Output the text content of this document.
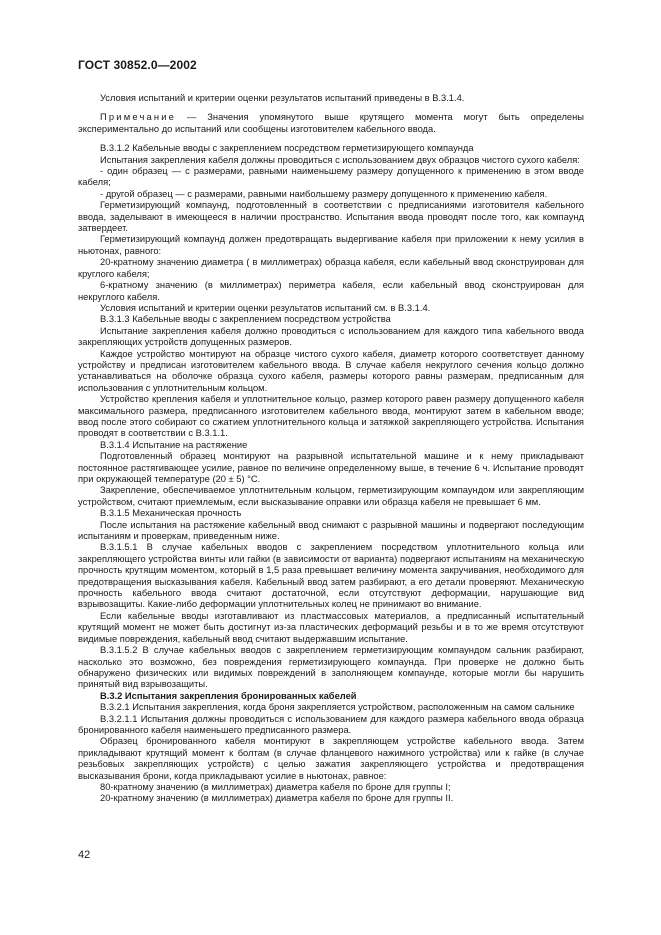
ГОСТ 30852.0—2002

Условия испытаний и критерии оценки результатов испытаний приведены в В.3.1.4.

Примечание — Значения упомянутого выше крутящего момента могут быть определены экспериментально до испытаний или сообщены изготовителем кабельного ввода.

В.3.1.2 Кабельные вводы с закреплением посредством герметизирующего компаунда

Испытания закрепления кабеля должны проводиться с использованием двух образцов чистого сухого кабеля:

- один образец — с размерами, равными наименьшему размеру допущенного к применению в этом вводе кабеля;

- другой образец — с размерами, равными наибольшему размеру допущенного к применению кабеля.

Герметизирующий компаунд, подготовленный в соответствии с предписаниями изготовителя кабельного ввода, заделывают в имеющееся в наличии пространство. Испытания ввода проводят после того, как компаунд затвердеет.

Герметизирующий компаунд должен предотвращать выдергивание кабеля при приложении к нему усилия в ньютонах, равного:

20-кратному значению диаметра ( в миллиметрах) образца кабеля, если кабельный ввод сконструирован для круглого кабеля;

6-кратному значению (в миллиметрах) периметра кабеля, если кабельный ввод сконструирован для некруглого кабеля.

Условия испытаний и критерии оценки результатов испытаний см. в В.3.1.4.

В.3.1.3 Кабельные вводы с закреплением посредством устройства

Испытание закрепления кабеля должно проводиться с использованием для каждого типа кабельного ввода закрепляющих устройств допущенных размеров.

Каждое устройство монтируют на образце чистого сухого кабеля, диаметр которого соответствует данному устройству и предписан изготовителем кабельного ввода. В случае кабеля некруглого сечения кольцо должно устанавливаться на оболочке образца сухого кабеля, размеры которого равны размерам, предписанным для использования с уплотнительным кольцом.

Устройство крепления кабеля и уплотнительное кольцо, размер которого равен размеру допущенного кабеля максимального размера, предписанного изготовителем кабельного ввода, монтируют затем в кабельном вводе; ввод после этого собирают со сжатием уплотнительного кольца и затяжкой закрепляющего устройства. Испытания проводят в соответствии с В.3.1.1.

В.3.1.4 Испытание на растяжение

Подготовленный образец монтируют на разрывной испытательной машине и к нему прикладывают постоянное растягивающее усилие, равное по величине определенному выше, в течение 6 ч. Испытание проводят при окружающей температуре (20 ± 5) °С.

Закрепление, обеспечиваемое уплотнительным кольцом, герметизирующим компаундом или закрепляющим устройством, считают приемлемым, если высказывание оправки или образца кабеля не превышает 6 мм.

В.3.1.5 Механическая прочность

После испытания на растяжение кабельный ввод снимают с разрывной машины и подвергают последующим испытаниям и проверкам, приведенным ниже.

В.3.1.5.1 В случае кабельных вводов с закреплением посредством уплотнительного кольца или закрепляющего устройства винты или гайки (в зависимости от варианта) подвергают испытаниям на механическую прочность крутящим моментом, который в 1,5 раза превышает величину момента закручивания, необходимого для предотвращения высказывания кабеля. Кабельный ввод затем разбирают, а его детали проверяют. Механическую прочность кабельного ввода считают достаточной, если отсутствуют деформации, нарушающие вид взрывозащиты. Какие-либо деформации уплотнительных колец не принимают во внимание.

Если кабельные вводы изготавливают из пластмассовых материалов, а предписанный испытательный крутящий момент не может быть достигнут из-за пластических деформаций резьбы и в то же время отсутствуют видимые повреждения, кабельный ввод считают выдержавшим испытание.

В.3.1.5.2 В случае кабельных вводов с закреплением герметизирующим компаундом сальник разбирают, насколько это возможно, без повреждения герметизирующего компаунда. При проверке не должно быть обнаружено физических или видимых повреждений в заполняющем компаунде, которые могли бы нарушить принятый вид взрывозащиты.

В.3.2 Испытания закрепления бронированных кабелей

В.3.2.1 Испытания закрепления, когда броня закрепляется устройством, расположенным на самом сальнике

В.3.2.1.1 Испытания должны проводиться с использованием для каждого размера кабельного ввода образца бронированного кабеля наименьшего предписанного размера.

Образец бронированного кабеля монтируют в закрепляющем устройстве кабельного ввода. Затем прикладывают крутящий момент к болтам (в случае фланцевого нажимного устройства) или к гайке (в случае резьбовых закрепляющих устройств) с целью зажатия закрепляющего устройства и предотвращения высказывания брони, когда прикладывают усилие в ньютонах, равное:

80-кратному значению (в миллиметрах) диаметра кабеля по броне для группы I;

20-кратному значению (в миллиметрах) диаметра кабеля по броне для группы II.

42
